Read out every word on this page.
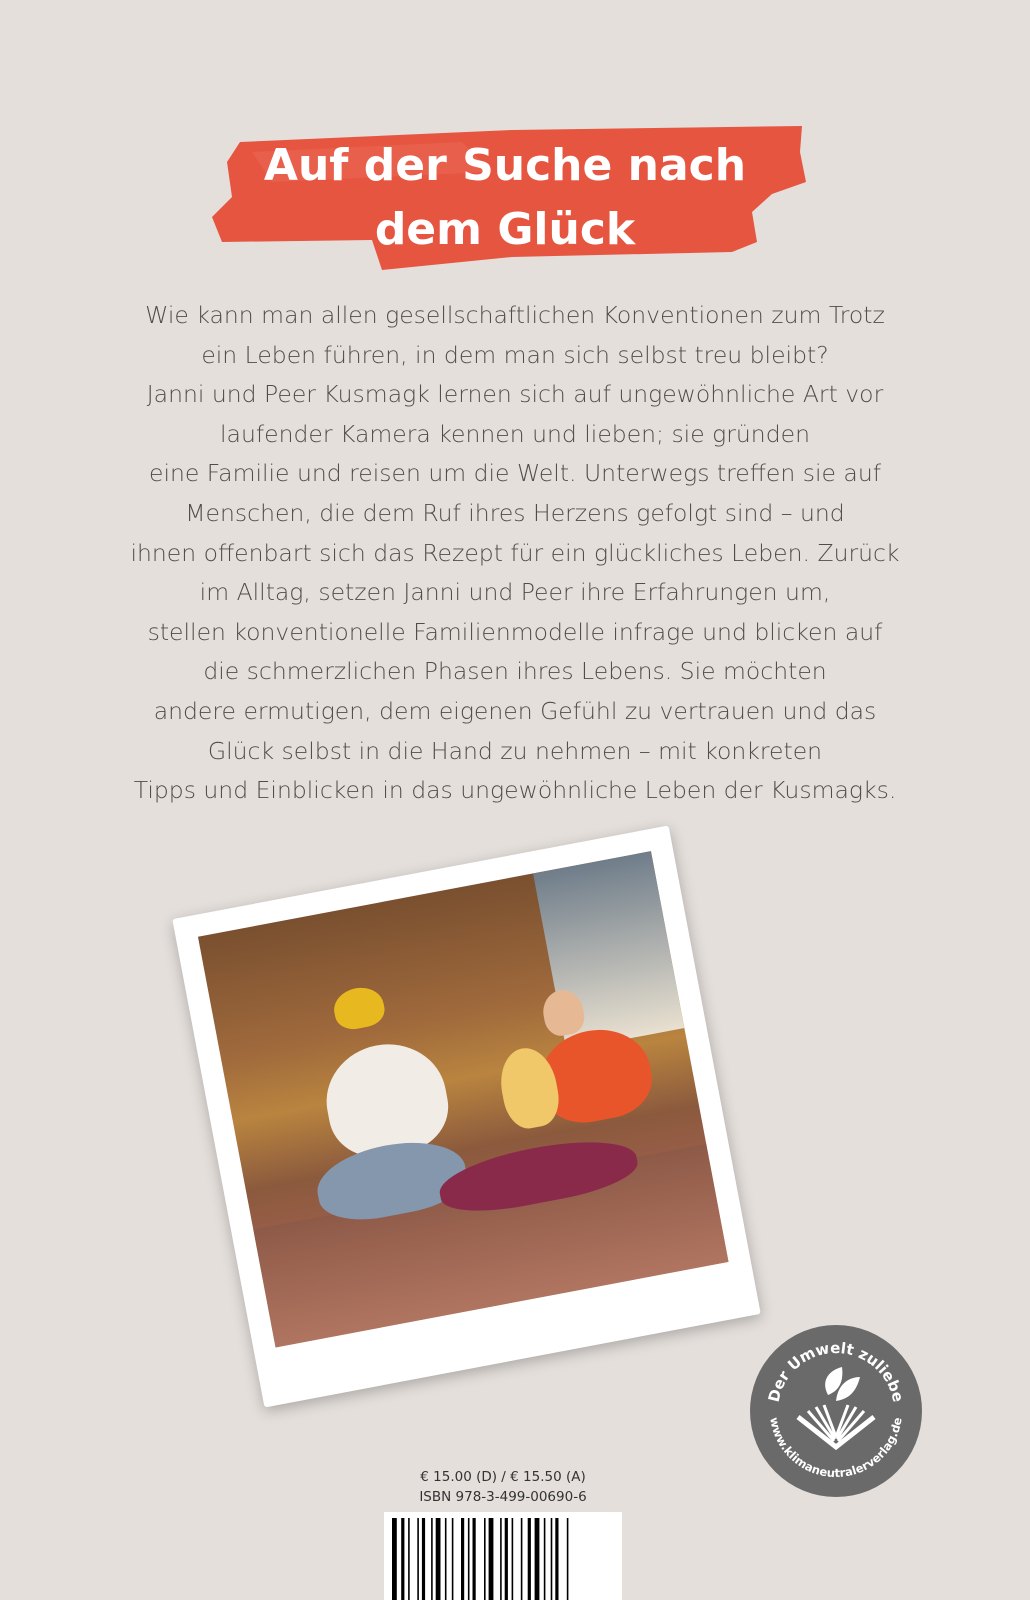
Auf der Suche nach
dem Glück
Wie kann man allen gesellschaftlichen Konventionen zum Trotz
ein Leben führen, in dem man sich selbst treu bleibt?
Janni und Peer Kusmagk lernen sich auf ungewöhnliche Art vor
laufender Kamera kennen und lieben; sie gründen
eine Familie und reisen um die Welt. Unterwegs treffen sie auf
Menschen, die dem Ruf ihres Herzens gefolgt sind – und
ihnen offenbart sich das Rezept für ein glückliches Leben. Zurück
im Alltag, setzen Janni und Peer ihre Erfahrungen um,
stellen konventionelle Familienmodelle infrage und blicken auf
die schmerzlichen Phasen ihres Lebens. Sie möchten
andere ermutigen, dem eigenen Gefühl zu vertrauen und das
Glück selbst in die Hand zu nehmen – mit konkreten
Tipps und Einblicken in das ungewöhnliche Leben der Kusmagks.
Der Umwelt zuliebe
www.klimaneutralerverlag.de
€ 15.00 (D) / € 15.50 (A)
ISBN 978-3-499-00690-6
